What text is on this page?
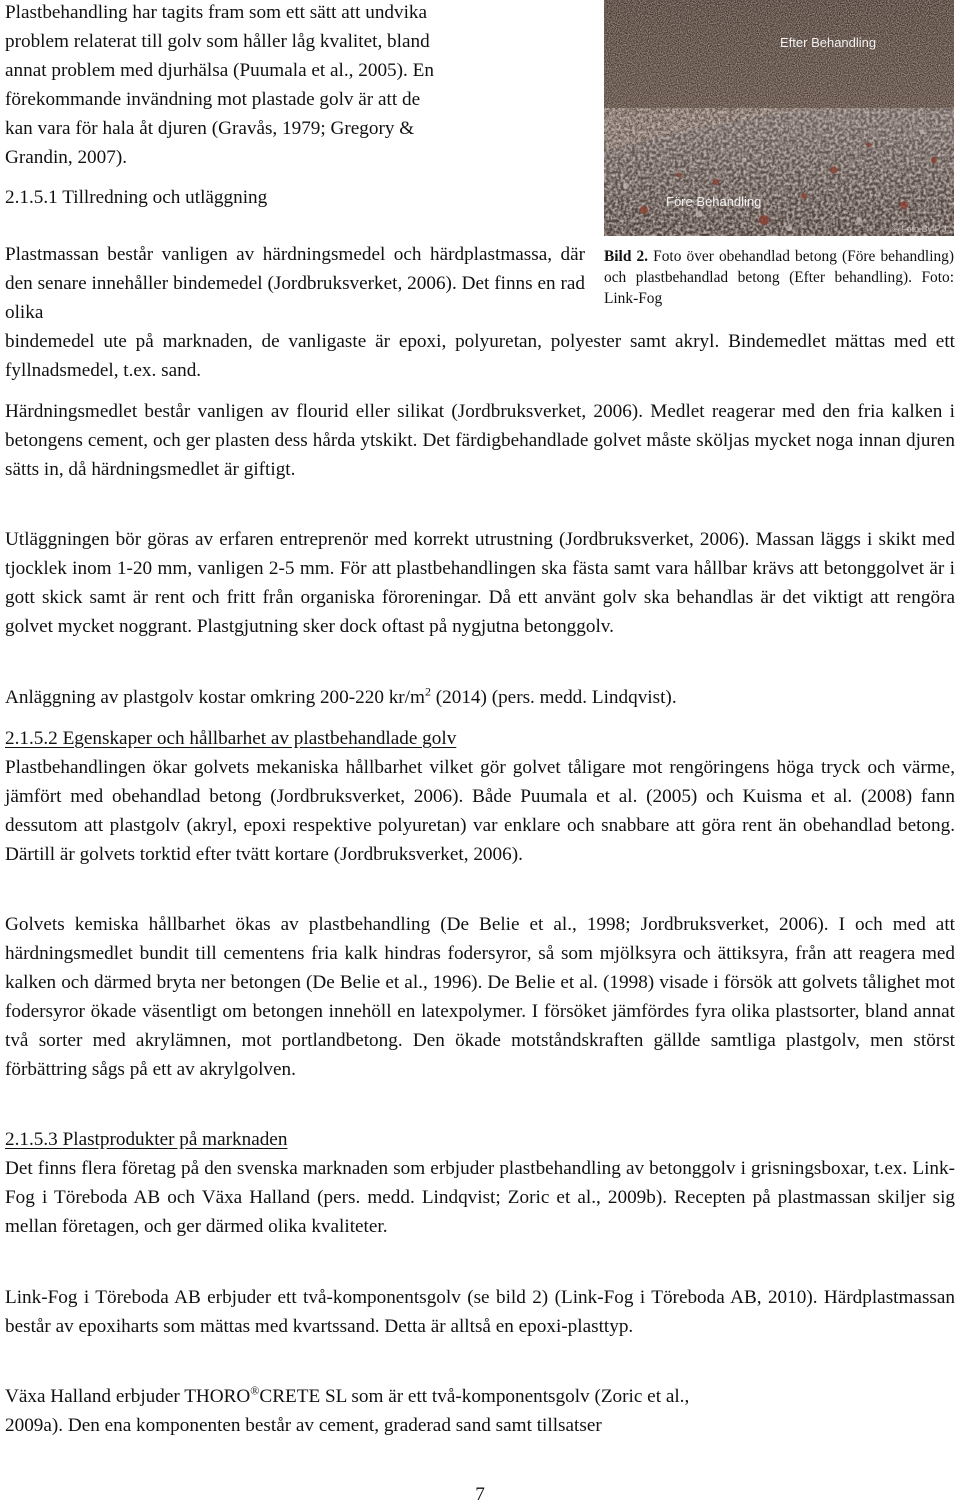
Plastbehandling har tagits fram som ett sätt att undvika
problem relaterat till golv som håller låg kvalitet, bland
annat problem med djurhälsa (Puumala et al., 2005). En
förekommande invändning mot plastade golv är att de
kan vara för hala åt djuren (Gravås, 1979; Gregory &
Grandin, 2007).
2.1.5.1 Tillredning och utläggning

Plastmassan består vanligen av härdningsmedel och härdplastmassa, där den senare innehåller bindemedel (Jordbruksverket, 2006). Det finns en rad olika

bindemedel ute på marknaden, de vanligaste är epoxi, polyuretan, polyester samt akryl. Bindemedlet mättas med ett fyllnadsmedel, t.ex. sand.

Efter Behandling
Före Behandling
© Foto By P.J
Bild 2. Foto över obehandlad betong (Före behandling) och plastbehandlad betong (Efter behandling). Foto: Link-Fog

Härdningsmedlet består vanligen av flourid eller silikat (Jordbruksverket, 2006). Medlet reagerar med den fria kalken i betongens cement, och ger plasten dess hårda ytskikt. Det färdigbehandlade golvet måste sköljas mycket noga innan djuren sätts in, då härdningsmedlet är giftigt.

Utläggningen bör göras av erfaren entreprenör med korrekt utrustning (Jordbruksverket, 2006). Massan läggs i skikt med tjocklek inom 1-20 mm, vanligen 2-5 mm. För att plastbehandlingen ska fästa samt vara hållbar krävs att betonggolvet är i gott skick samt är rent och fritt från organiska föroreningar. Då ett använt golv ska behandlas är det viktigt att rengöra golvet mycket noggrant. Plastgjutning sker dock oftast på nygjutna betonggolv.

Anläggning av plastgolv kostar omkring 200-220 $kr/m^2$ (2014) (pers. medd. Lindqvist).

2.1.5.2 Egenskaper och hållbarhet av plastbehandlade golv

Plastbehandlingen ökar golvets mekaniska hållbarhet vilket gör golvet tåligare mot rengöringens höga tryck och värme, jämfört med obehandlad betong (Jordbruksverket, 2006). Både Puumala et al. (2005) och Kuisma et al. (2008) fann dessutom att plastgolv (akryl, epoxi respektive polyuretan) var enklare och snabbare att göra rent än obehandlad betong. Därtill är golvets torktid efter tvätt kortare (Jordbruksverket, 2006).

Golvets kemiska hållbarhet ökas av plastbehandling (De Belie et al., 1998; Jordbruksverket, 2006). I och med att härdningsmedlet bundit till cementens fria kalk hindras fodersyror, så som mjölksyra och ättiksyra, från att reagera med kalken och därmed bryta ner betongen (De Belie et al., 1996). De Belie et al. (1998) visade i försök att golvets tålighet mot fodersyror ökade väsentligt om betongen innehöll en latexpolymer. I försöket jämfördes fyra olika plastsorter, bland annat två sorter med akrylämnen, mot portlandbetong. Den ökade motståndskraften gällde samtliga plastgolv, men störst förbättring sågs på ett av akrylgolven.

2.1.5.3 Plastprodukter på marknaden

Det finns flera företag på den svenska marknaden som erbjuder plastbehandling av betonggolv i grisningsboxar, t.ex. Link-Fog i Töreboda AB och Växa Halland (pers. medd. Lindqvist; Zoric et al., 2009b). Recepten på plastmassan skiljer sig mellan företagen, och ger därmed olika kvaliteter.

Link-Fog i Töreboda AB erbjuder ett två-komponentsgolv (se bild 2) (Link-Fog i Töreboda AB, 2010). Härdplastmassan består av epoxiharts som mättas med kvartssand. Detta är alltså en epoxi-plasttyp.

Växa Halland erbjuder THORO®CRETE SL som är ett två-komponentsgolv (Zoric et al.,
2009a). Den ena komponenten består av cement, graderad sand samt tillsatser

7
